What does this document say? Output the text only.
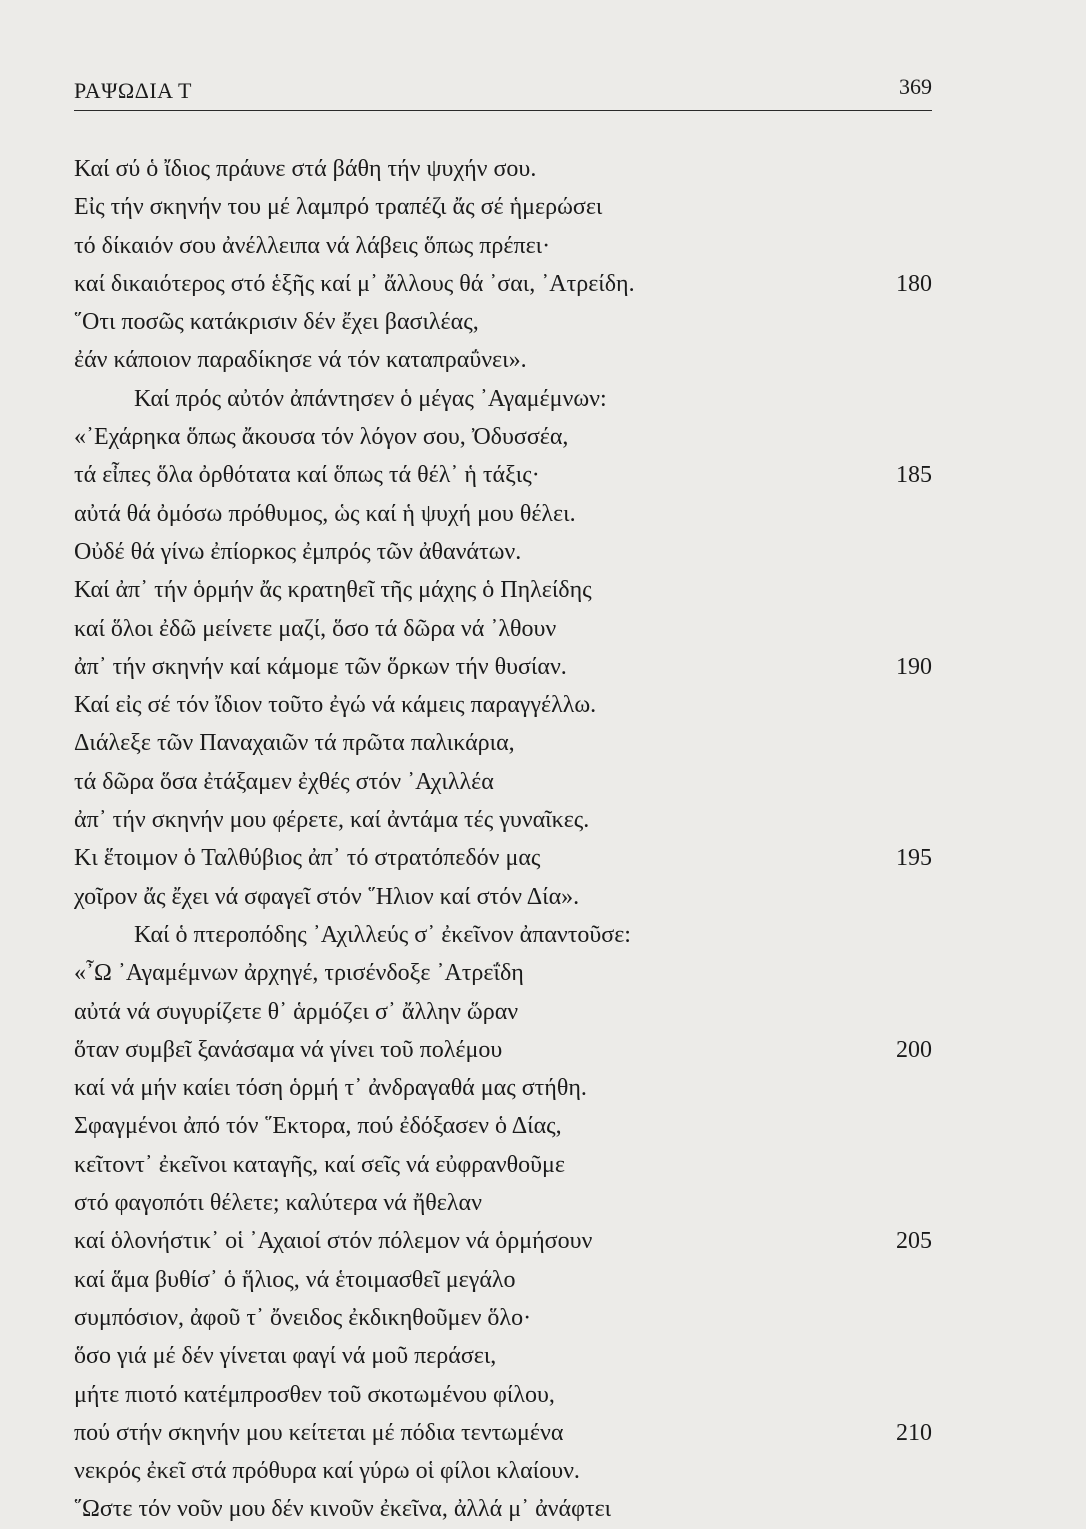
ΡΑΨΩΔΙΑ Τ	369
Καί σύ ὁ ἴδιος πράυνε στά βάθη τήν ψυχήν σου.
Εἰς τήν σκηνήν του μέ λαμπρό τραπέζι ἄς σέ ἡμερώσει
τό δίκαιόν σου ἀνέλλειπα νά λάβεις ὅπως πρέπει·
καί δικαιότερος στό ἑξῆς καί μ᾽ ἄλλους θά ᾽σαι, ᾽Ατρείδη.	180
῞Οτι ποσῶς κατάκρισιν δέν ἔχει βασιλέας,
ἐάν κάποιον παραδίκησε νά τόν καταπραΰνει».
Καί πρός αὐτόν ἀπάντησεν ὁ μέγας ᾽Αγαμέμνων:
«᾽Εχάρηκα ὅπως ἄκουσα τόν λόγον σου, Ὀδυσσέα,
τά εἶπες ὅλα ὀρθότατα καί ὅπως τά θέλ᾽ ἡ τάξις·	185
αὐτά θά ὀμόσω πρόθυμος, ὡς καί ἡ ψυχή μου θέλει.
Οὐδέ θά γίνω ἐπίορκος ἐμπρός τῶν ἀθανάτων.
Καί ἀπ᾽ τήν ὁρμήν ἄς κρατηθεῖ τῆς μάχης ὁ Πηλείδης
καί ὅλοι ἐδῶ μείνετε μαζί, ὅσο τά δῶρα νά ᾽λθουν
ἀπ᾽ τήν σκηνήν καί κάμομε τῶν ὅρκων τήν θυσίαν.	190
Καί εἰς σέ τόν ἴδιον τοῦτο ἐγώ νά κάμεις παραγγέλλω.
Διάλεξε τῶν Παναχαιῶν τά πρῶτα παλικάρια,
τά δῶρα ὅσα ἐτάξαμεν ἐχθές στόν ᾽Αχιλλέα
ἀπ᾽ τήν σκηνήν μου φέρετε, καί ἀντάμα τές γυναῖκες.
Κι ἕτοιμον ὁ Ταλθύβιος ἀπ᾽ τό στρατόπεδόν μας	195
χοῖρον ἄς ἔχει νά σφαγεῖ στόν ῞Ηλιον καί στόν Δία».
Καί ὁ πτεροπόδης ᾽Αχιλλεύς σ᾽ ἐκεῖνον ἀπαντοῦσε:
«῏Ω ᾽Αγαμέμνων ἀρχηγέ, τρισένδοξε ᾽Ατρεΐδη
αὐτά νά συγυρίζετε θ᾽ ἁρμόζει σ᾽ ἄλλην ὥραν
ὅταν συμβεῖ ξανάσαμα νά γίνει τοῦ πολέμου	200
καί νά μήν καίει τόση ὁρμή τ᾽ ἀνδραγαθά μας στήθη.
Σφαγμένοι ἀπό τόν ῞Εκτορα, πού ἐδόξασεν ὁ Δίας,
κεῖτοντ᾽ ἐκεῖνοι καταγῆς, καί σεῖς νά εὐφρανθοῦμε
στό φαγοπότι θέλετε; καλύτερα νά ἤθελαν
καί ὁλονήστικ᾽ οἱ ᾽Αχαιοί στόν πόλεμον νά ὁρμήσουν	205
καί ἅμα βυθίσ᾽ ὁ ἥλιος, νά ἑτοιμασθεῖ μεγάλο
συμπόσιον, ἀφοῦ τ᾽ ὄνειδος ἐκδικηθοῦμεν ὅλο·
ὅσο γιά μέ δέν γίνεται φαγί νά μοῦ περάσει,
μήτε πιοτό κατέμπροσθεν τοῦ σκοτωμένου φίλου,
πού στήν σκηνήν μου κείτεται μέ πόδια τεντωμένα	210
νεκρός ἐκεῖ στά πρόθυρα καί γύρω οἱ φίλοι κλαίουν.
῞Ωστε τόν νοῦν μου δέν κινοῦν ἐκεῖνα, ἀλλά μ᾽ ἀνάφτει
